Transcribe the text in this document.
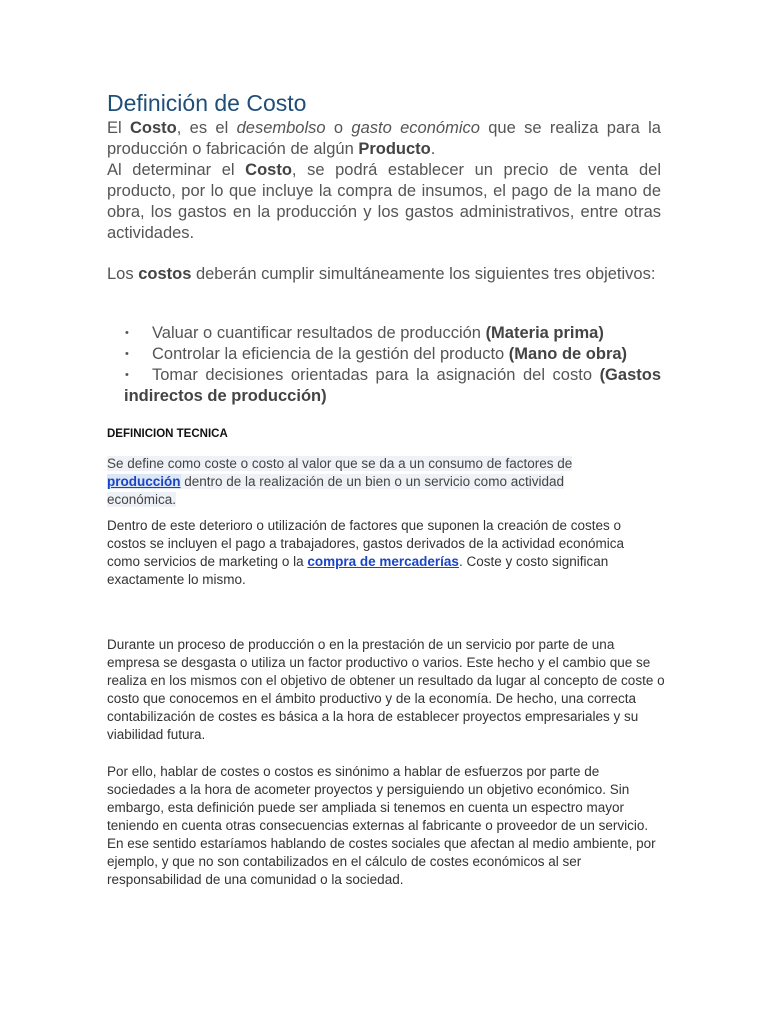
Definición de Costo

El Costo, es el desembolso o gasto económico que se realiza para la producción o fabricación de algún Producto.

Al determinar el Costo, se podrá establecer un precio de venta del producto, por lo que incluye la compra de insumos, el pago de la mano de obra, los gastos en la producción y los gastos administrativos, entre otras actividades.

Los costos deberán cumplir simultáneamente los siguientes tres objetivos:

• Valuar o cuantificar resultados de producción (Materia prima)
• Controlar la eficiencia de la gestión del producto (Mano de obra)
• Tomar decisiones orientadas para la asignación del costo (Gastos indirectos de producción)
DEFINICION TECNICA

Se define como coste o costo al valor que se da a un consumo de factores de producción dentro de la realización de un bien o un servicio como actividad económica.

Dentro de este deterioro o utilización de factores que suponen la creación de costes o costos se incluyen el pago a trabajadores, gastos derivados de la actividad económica como servicios de marketing o la compra de mercaderías. Coste y costo significan exactamente lo mismo.

Durante un proceso de producción o en la prestación de un servicio por parte de una empresa se desgasta o utiliza un factor productivo o varios. Este hecho y el cambio que se realiza en los mismos con el objetivo de obtener un resultado da lugar al concepto de coste o costo que conocemos en el ámbito productivo y de la economía. De hecho, una correcta contabilización de costes es básica a la hora de establecer proyectos empresariales y su viabilidad futura.

Por ello, hablar de costes o costos es sinónimo a hablar de esfuerzos por parte de sociedades a la hora de acometer proyectos y persiguiendo un objetivo económico. Sin embargo, esta definición puede ser ampliada si tenemos en cuenta un espectro mayor teniendo en cuenta otras consecuencias externas al fabricante o proveedor de un servicio. En ese sentido estaríamos hablando de costes sociales que afectan al medio ambiente, por ejemplo, y que no son contabilizados en el cálculo de costes económicos al ser responsabilidad de una comunidad o la sociedad.
